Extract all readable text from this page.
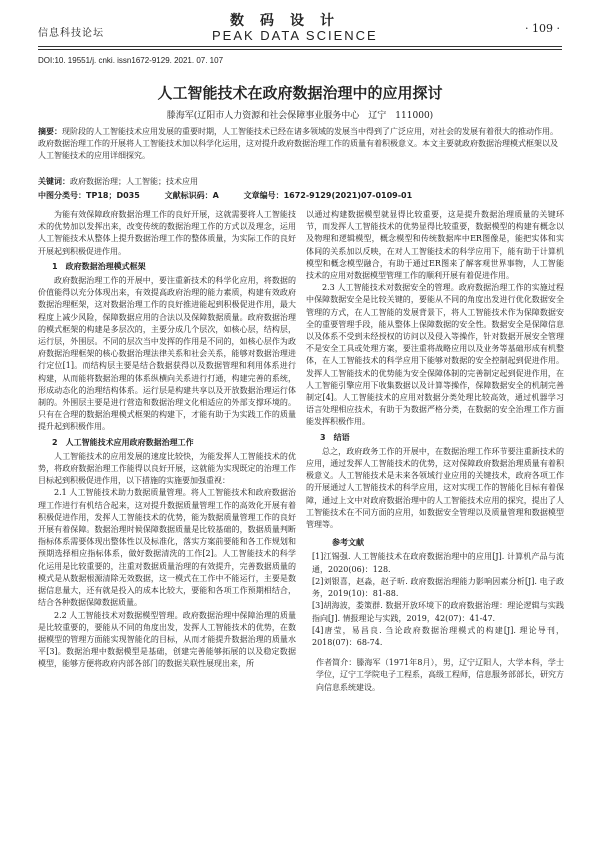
信息科技论坛
数码设计
PEAK DATA SCIENCE	· 109 ·
DOI:10. 19551/j. cnki. issn1672-9129. 2021. 07. 107
人工智能技术在政府数据治理中的应用探讨
滕海军(辽阳市人力资源和社会保障事业服务中心　辽宁　111000)
摘要：现阶段的人工智能技术应用发展的重要时期，人工智能技术已经在诸多领域的发展当中得到了广泛应用，对社会的发展有着很大的推动作用。政府数据治理工作的开展将人工智能技术加以科学化运用，这对提升政府数据治理工作的质量有着积极意义。本文主要就政府数据治理模式框架以及人工智能技术的应用详细探究。
关键词：政府数据治理；人工智能；技术应用
中图分类号：TP18；D035	文献标识码：A	文章编号：1672-9129(2021)07-0109-01

为能有效保障政府数据治理工作的良好开展，这就需要将人工智能技术的优势加以发挥出来，改变传统的数据治理工作的方式以及理念，运用人工智能技术从整体上提升数据治理工作的整体质量，为实际工作的良好开展起到积极促进作用。

1　政府数据治理模式框架

政府数据治理工作的开展中，要注重新技术的科学化应用，将数据的价值能得以充分体现出来，有效提高政府治理的能力素质，构建有效政府数据治理框架，这对数据治理工作的良好推进能起到积极促进作用，最大程度上减少风险，保障数据应用的合法以及保障数据质量。政府数据治理的模式框架的构建是多层次的，主要分成几个层次，如核心层，结构层，运行层，外围层。不同的层次当中发挥的作用是不同的，如核心层作为政府数据治理框架的核心数据治理法律关系和社会关系，能够对数据治理进行定位[1]。而结构层主要是结合数据获得以及数据管理和利用体系进行构建，从而能将数据治理的体系纵横向关系进行打通，构建完善的系统，形成动态化的治理结构体系。运行层是构建共享以及开放数据治理运行体制的。外围层主要是进行营造和数据治理文化相适应的外部支撑环境的。只有在合理的数据治理模式框架的构建下，才能有助于为实践工作的质量提升起到积极作用。

2　人工智能技术应用政府数据治理工作

人工智能技术的应用发展的速度比较快，为能发挥人工智能技术的优势，将政府数据治理工作能得以良好开展，这就能为实现既定的治理工作目标起到积极促进作用，以下措施的实施要加强重视：

2.1 人工智能技术助力数据质量管理。将人工智能技术和政府数据治理工作进行有机结合起来，这对提升数据质量管理工作的高效化开展有着积极促进作用，发挥人工智能技术的优势，能为数据质量管理工作的良好开展有着保障。数据治理时候保障数据质量是比较基础的，数据质量判断指标体系需要体现出整体性以及标准化，落实方案前要能和各工作规划和预期选择相应指标体系，做好数据清洗的工作[2]。人工智能技术的科学化运用是比较重要的，注重对数据质量治理的有效提升，完善数据质量的模式是从数据根源清除无效数据，这一模式在工作中不能运行，主要是数据信息量大，还有就是投入的成本比较大，要能和各项工作预期相结合，结合各种数据保障数据质量。

2.2 人工智能技术对数据模型管理。政府数据治理中保障治理的质量是比较重要的，要能从不同的角度出发，发挥人工智能技术的优势，在数据模型的管理方面能实现智能化的目标，从而才能提升数据治理的质量水平[3]。数据治理中数据模型是基础，创建完善能够拓展的以及稳定数据模型，能够方便将政府内部各部门的数据关联性展现出来，所

以通过构建数据模型就显得比较重要，这是提升数据治理质量的关键环节，而发挥人工智能技术的优势显得比较重要，数据模型的构建有概念以及物理和逻辑模型，概念模型和传统数据库中ER图像是，能把实体和实体间的关系加以反映，在对人工智能技术的科学应用下，能有助于计算机模型和概念模型融合，有助于通过ER图来了解客观世界事物，人工智能技术的应用对数据模型管理工作的顺利开展有着促进作用。

2.3 人工智能技术对数据安全的管理。政府数据治理工作的实施过程中保障数据安全是比较关键的，要能从不同的角度出发进行优化数据安全管理的方式，在人工智能的发展背景下，将人工智能技术作为保障数据安全的重要管理手段，能从整体上保障数据的安全性。数据安全是保障信息以及体系不受到未经授权的访问以及侵入等操作，针对数据开展安全管理不是安全工具或处理方案，要注重将战略应用以及业务等基础形成有机整体，在人工智能技术的科学应用下能够对数据的安全控制起到促进作用。发挥人工智能技术的优势能为安全保障体制的完善制定起到促进作用，在人工智能引擎应用下收集数据以及计算等操作，保障数据安全的机制完善制定[4]。人工智能技术的应用对数据分类处理比较高效，通过机器学习语言处理相应技术，有助于为数据严格分类，在数据的安全治理工作方面能发挥积极作用。

3　结语

总之，政府政务工作的开展中，在数据治理工作环节要注重新技术的应用，通过发挥人工智能技术的优势，这对保障政府数据治理质量有着积极意义。人工智能技术是未来各领域行业应用的关键技术，政府各项工作的开展通过人工智能技术的科学应用，这对实现工作的智能化目标有着保障，通过上文中对政府数据治理中的人工智能技术应用的探究，提出了人工智能技术在不同方面的应用，如数据安全管理以及质量管理和数据模型管理等。

参考文献

[1]江锡强. 人工智能技术在政府数据治理中的应用[J]. 计算机产品与流通，2020(06)：128.

[2]刘银喜，赵淼，赵子昕. 政府数据治理能力影响因素分析[J]. 电子政务，2019(10)：81-88.

[3]胡海波，娄策群. 数据开放环境下的政府数据治理：理论逻辑与实践指向[J]. 情报理论与实践，2019，42(07)：41-47.

[4]唐莹，易昌良. 刍论政府数据治理模式的构建[J]. 理论导刊，2018(07)：68-74.

作者简介：滕海军（1971年8月），男，辽宁辽阳人，大学本科，学士学位，辽宁工学院电子工程系，高级工程师，信息服务部部长，研究方向信息系统建设。
